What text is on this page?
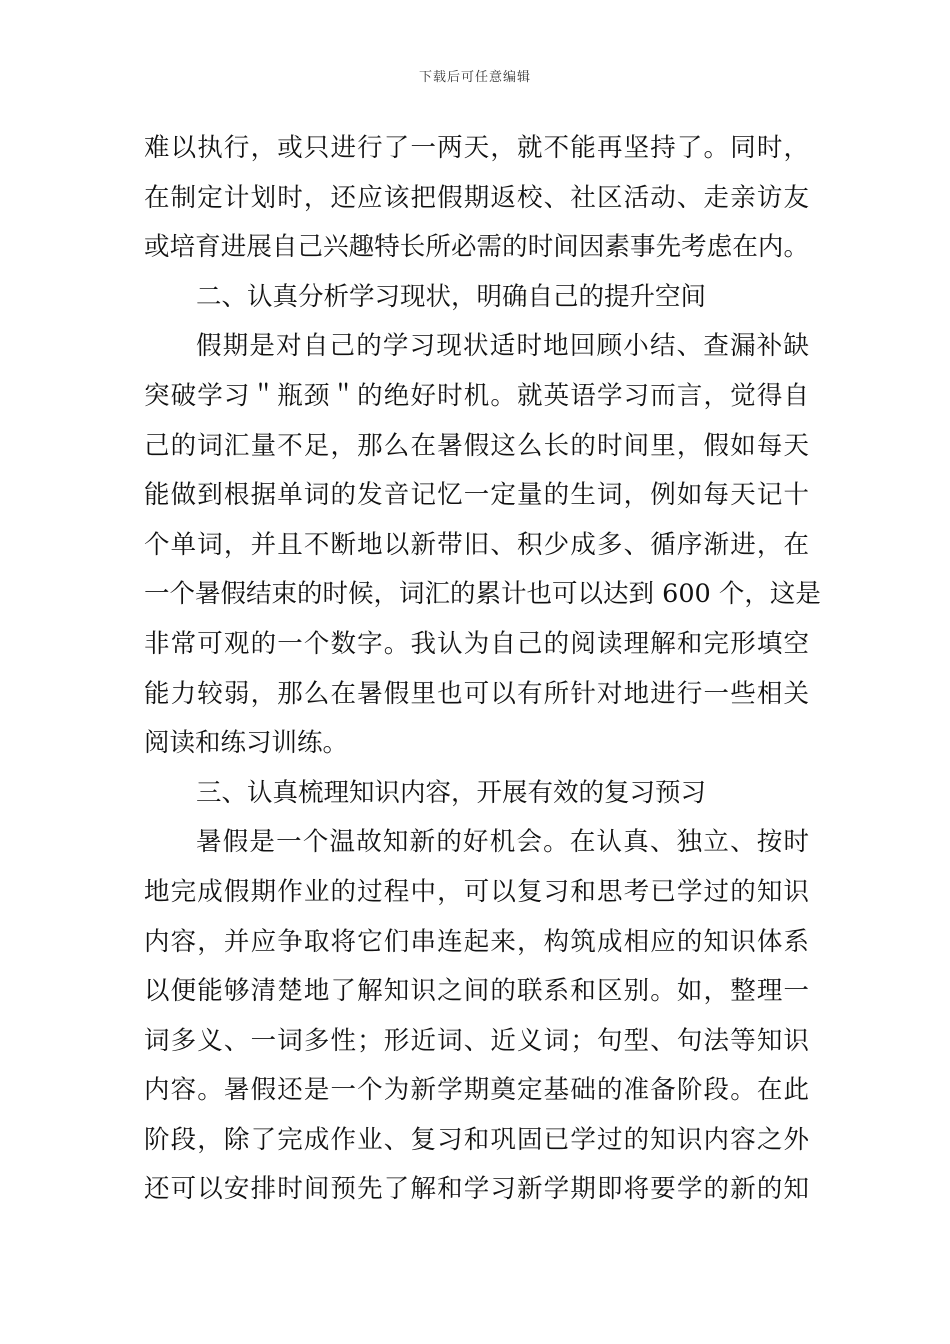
下载后可任意编辑
难以执行，或只进行了一两天，就不能再坚持了。同时，
在制定计划时，还应该把假期返校、社区活动、走亲访友
或培育进展自己兴趣特长所必需的时间因素事先考虑在内。
二、认真分析学习现状，明确自己的提升空间
假期是对自己的学习现状适时地回顾小结、查漏补缺
突破学习＂瓶颈＂的绝好时机。就英语学习而言，觉得自
己的词汇量不足，那么在暑假这么长的时间里，假如每天
能做到根据单词的发音记忆一定量的生词，例如每天记十
个单词，并且不断地以新带旧、积少成多、循序渐进，在
一个暑假结束的时候，词汇的累计也可以达到 600 个，这是
非常可观的一个数字。我认为自己的阅读理解和完形填空
能力较弱，那么在暑假里也可以有所针对地进行一些相关
阅读和练习训练。
三、认真梳理知识内容，开展有效的复习预习
暑假是一个温故知新的好机会。在认真、独立、按时
地完成假期作业的过程中，可以复习和思考已学过的知识
内容，并应争取将它们串连起来，构筑成相应的知识体系
以便能够清楚地了解知识之间的联系和区别。如，整理一
词多义、一词多性；形近词、近义词；句型、句法等知识
内容。暑假还是一个为新学期奠定基础的准备阶段。在此
阶段，除了完成作业、复习和巩固已学过的知识内容之外
还可以安排时间预先了解和学习新学期即将要学的新的知
